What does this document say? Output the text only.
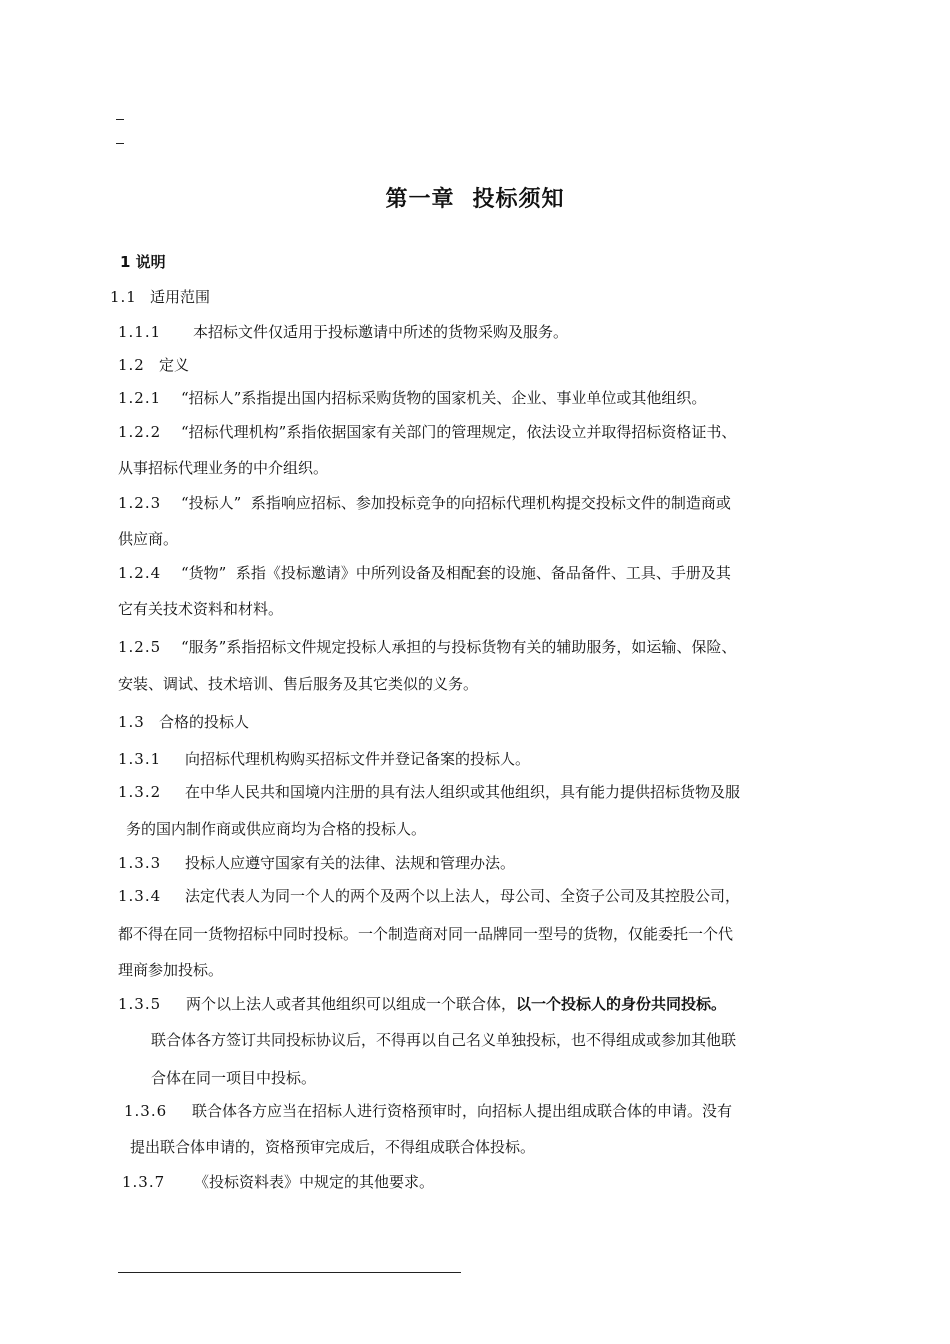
第一章 投标须知
1 说明
1.1 适用范围
1.1.1 本招标文件仅适用于投标邀请中所述的货物采购及服务。
1.2 定义
1.2.1 “招标人”系指提出国内招标采购货物的国家机关、企业、事业单位或其他组织。
1.2.2 “招标代理机构”系指依据国家有关部门的管理规定，依法设立并取得招标资格证书、
从事招标代理业务的中介组织。
1.2.3 “投标人”  系指响应招标、参加投标竞争的向招标代理机构提交投标文件的制造商或
供应商。
1.2.4 “货物”  系指《投标邀请》中所列设备及相配套的设施、备品备件、工具、手册及其
它有关技术资料和材料。
1.2.5 “服务”系指招标文件规定投标人承担的与投标货物有关的辅助服务，如运输、保险、
安装、调试、技术培训、售后服务及其它类似的义务。
1.3 合格的投标人
1.3.1 向招标代理机构购买招标文件并登记备案的投标人。
1.3.2 在中华人民共和国境内注册的具有法人组织或其他组织，具有能力提供招标货物及服
务的国内制作商或供应商均为合格的投标人。
1.3.3 投标人应遵守国家有关的法律、法规和管理办法。
1.3.4 法定代表人为同一个人的两个及两个以上法人，母公司、全资子公司及其控股公司，
都不得在同一货物招标中同时投标。一个制造商对同一品牌同一型号的货物，仅能委托一个代
理商参加投标。
1.3.5 两个以上法人或者其他组织可以组成一个联合体，以一个投标人的身份共同投标。
联合体各方签订共同投标协议后，不得再以自己名义单独投标，也不得组成或参加其他联
合体在同一项目中投标。
1.3.6 联合体各方应当在招标人进行资格预审时，向招标人提出组成联合体的申请。没有
提出联合体申请的，资格预审完成后，不得组成联合体投标。
1.3.7 《投标资料表》中规定的其他要求。
